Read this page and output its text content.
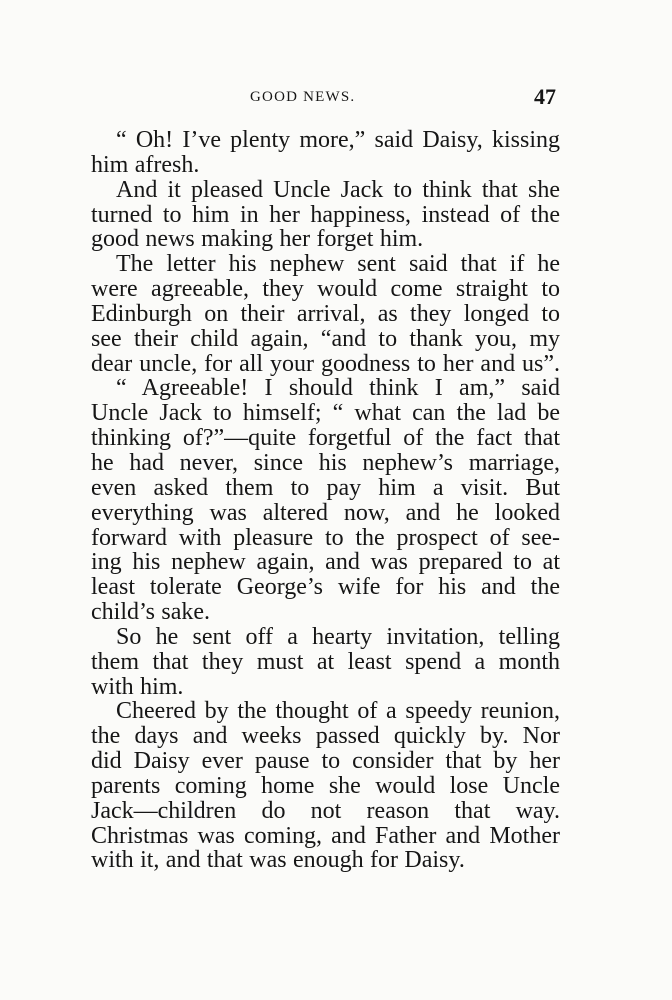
GOOD NEWS.	47

“ Oh! I’ve plenty more,” said Daisy, kissing
him afresh.

And it pleased Uncle Jack to think that she
turned to him in her happiness, instead of the
good news making her forget him.

The letter his nephew sent said that if he
were agreeable, they would come straight to
Edinburgh on their arrival, as they longed to
see their child again, “and to thank you, my
dear uncle, for all your goodness to her and us”.

“ Agreeable! I should think I am,” said
Uncle Jack to himself; “ what can the lad be
thinking of?”—quite forgetful of the fact that
he had never, since his nephew’s marriage,
even asked them to pay him a visit. But
everything was altered now, and he looked
forward with pleasure to the prospect of see-
ing his nephew again, and was prepared to at
least tolerate George’s wife for his and the
child’s sake.

So he sent off a hearty invitation, telling
them that they must at least spend a month
with him.

Cheered by the thought of a speedy reunion,
the days and weeks passed quickly by. Nor
did Daisy ever pause to consider that by her
parents coming home she would lose Uncle
Jack—children do not reason that way.
Christmas was coming, and Father and Mother
with it, and that was enough for Daisy.
